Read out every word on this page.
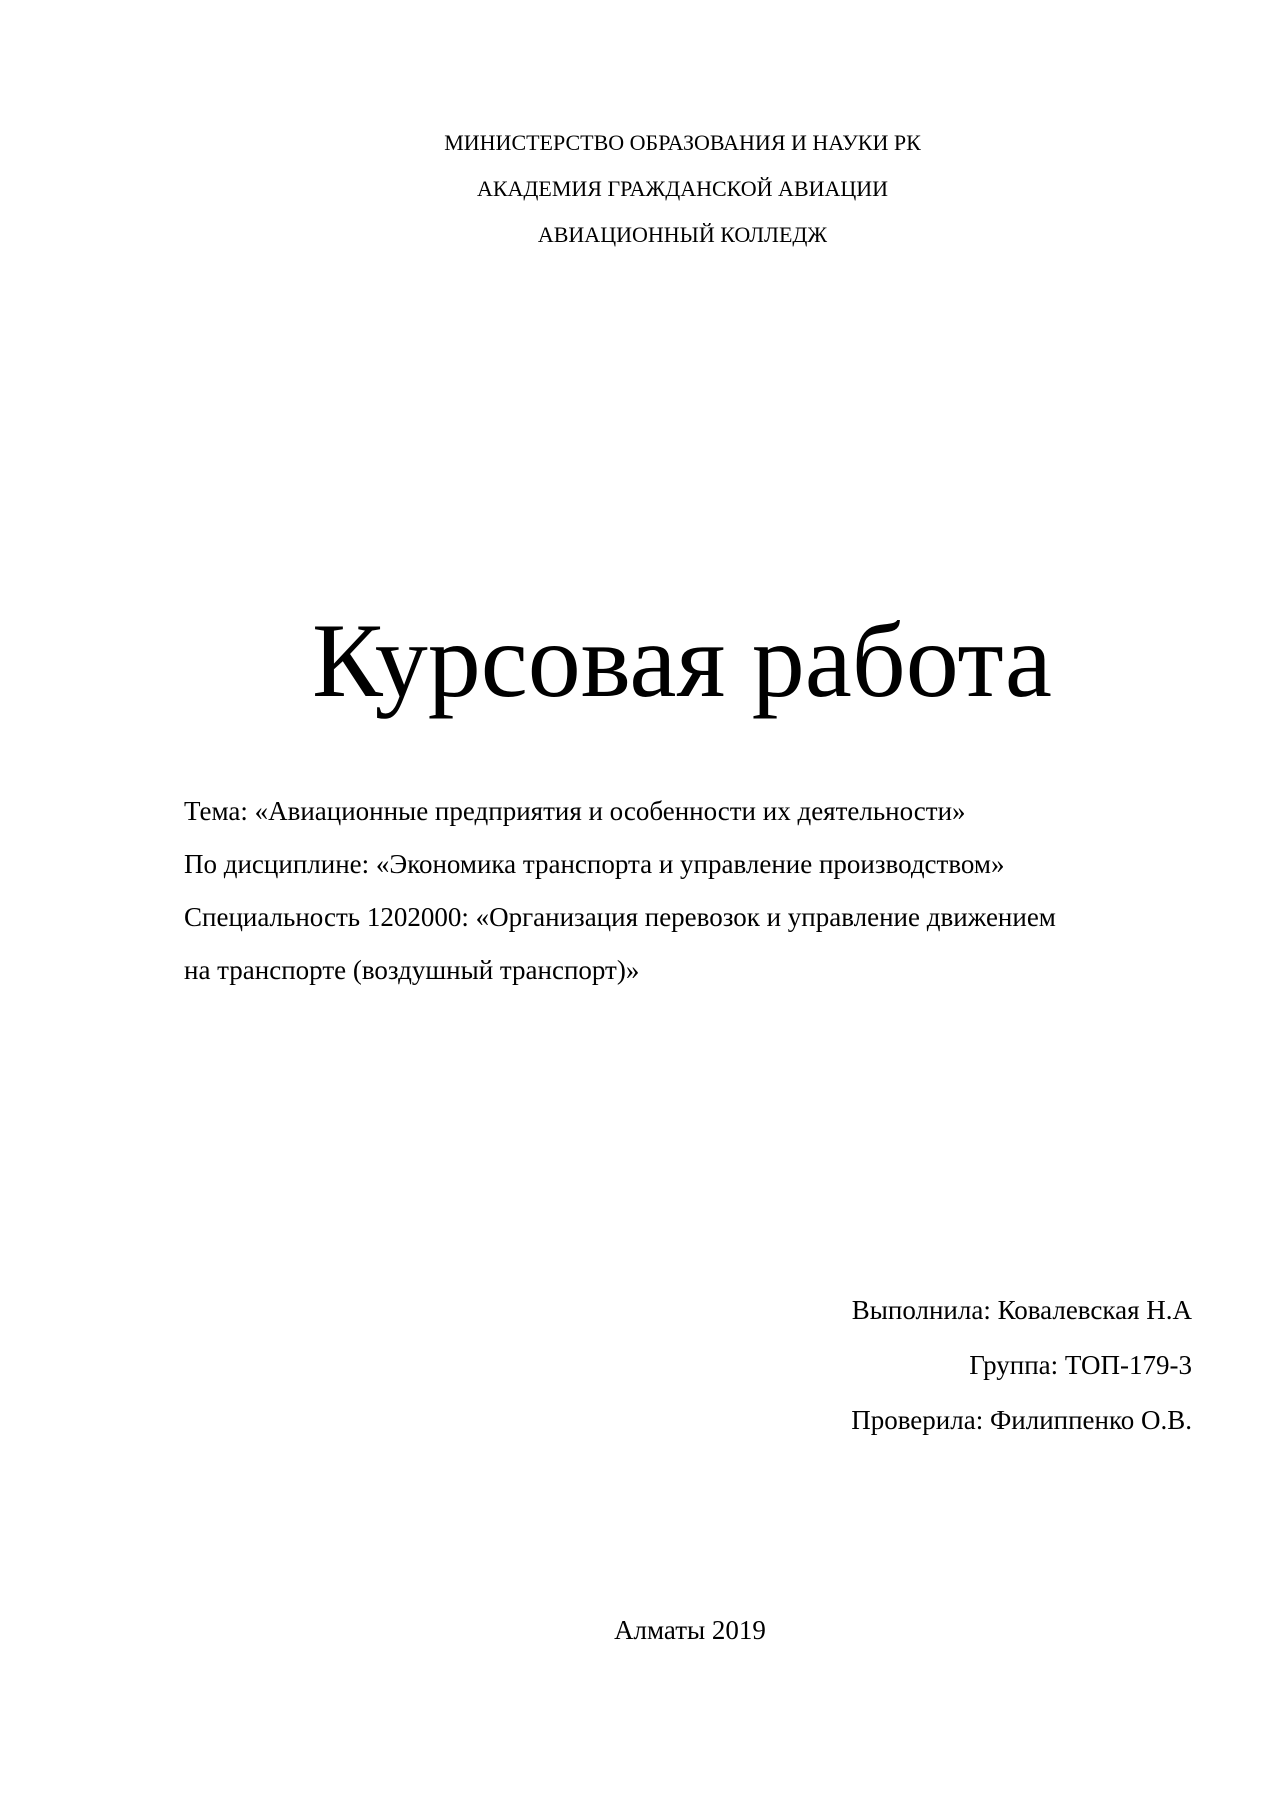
МИНИСТЕРСТВО ОБРАЗОВАНИЯ И НАУКИ РК
АКАДЕМИЯ ГРАЖДАНСКОЙ АВИАЦИИ
АВИАЦИОННЫЙ КОЛЛЕДЖ
Курсовая работа
Тема: «Авиационные предприятия и особенности их деятельности»
По дисциплине: «Экономика транспорта и управление производством»
Специальность 1202000: «Организация перевозок и управление движением
на транспорте (воздушный транспорт)»
Выполнила: Ковалевская Н.А
Группа: ТОП-179-3
Проверила: Филиппенко О.В.
Алматы 2019
